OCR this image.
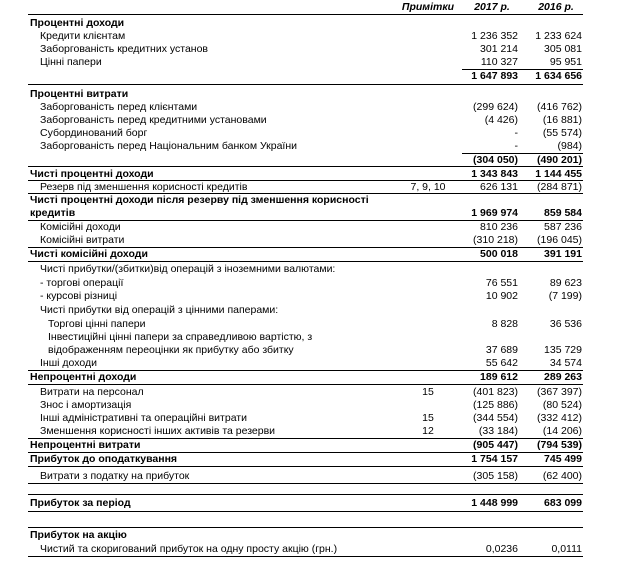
Примітки	2017 р.	2016 р.
Процентні доходи
Кредити клієнтам	1 236 352	1 233 624
Заборгованість кредитних установ	301 214	305 081
Цінні папери	110 327	95 951
1 647 893	1 634 656
Процентні витрати
Заборгованість перед клієнтами	(299 624)	(416 762)
Заборгованість перед кредитними установами	(4 426)	(16 881)
Субординований борг	-	(55 574)
Заборгованість перед Національним банком України	-	(984)
(304 050)	(490 201)
Чисті процентні доходи	1 343 843	1 144 455
Резерв під зменшення корисності кредитів	7, 9, 10	626 131	(284 871)
Чисті процентні доходи після резерву під зменшення корисності
кредитів	1 969 974	859 584
Комісійні доходи	810 236	587 236
Комісійні витрати	(310 218)	(196 045)
Чисті комісійні доходи	500 018	391 191
Чисті прибутки/(збитки)від операцій з іноземними валютами:
- торгові операції	76 551	89 623
- курсові різниці	10 902	(7 199)
Чисті прибутки від операцій з цінними паперами:
Торгові цінні папери	8 828	36 536
Інвестиційні цінні папери за справедливою вартістю, з
відображенням переоцінки як прибутку або збитку	37 689	135 729
Інші доходи	55 642	34 574
Непроцентні доходи	189 612	289 263
Витрати на персонал	15	(401 823)	(367 397)
Знос і амортизація	(125 886)	(80 524)
Інші адміністративні та операційні витрати	15	(344 554)	(332 412)
Зменшення корисності інших активів та резерви	12	(33 184)	(14 206)
Непроцентні витрати	(905 447)	(794 539)
Прибуток до оподаткування	1 754 157	745 499
Витрати з податку на прибуток	(305 158)	(62 400)
Прибуток за період	1 448 999	683 099
Прибуток на акцію
Чистий та скоригований прибуток на одну просту акцію (грн.)	0,0236	0,0111
